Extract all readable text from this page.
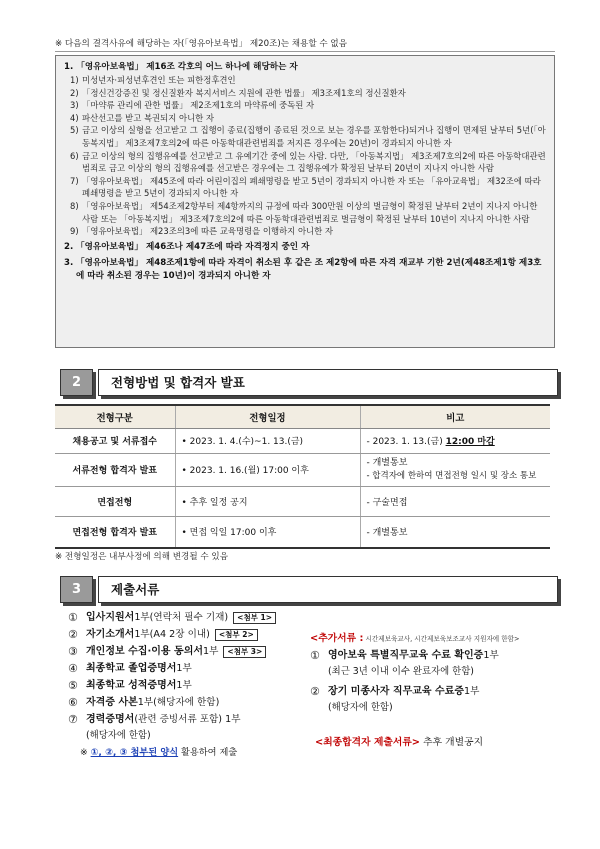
※ 다음의 결격사유에 해당하는 자(「영유아보육법」 제20조)는 채용할 수 없음
1. 「영유아보육법」 제16조 각호의 어느 하나에 해당하는 자
1) 미성년자·피성년후견인 또는 피한정후견인
2) 「정신건강증진 및 정신질환자 복지서비스 지원에 관한 법률」 제3조제1호의 정신질환자
3) 「마약류 관리에 관한 법률」 제2조제1호의 마약류에 중독된 자
4) 파산선고를 받고 복권되지 아니한 자
5) 금고 이상의 실형을 선고받고 그 집행이 종료(집행이 종료된 것으로 보는 경우를 포함한다)되거나 집행이 면제된 날부터 5년(「아동복지법」 제3조제7호의2에 따른 아동학대관련범죄를 저지른 경우에는 20년)이 경과되지 아니한 자
6) 금고 이상의 형의 집행유예를 선고받고 그 유예기간 중에 있는 사람. 다만, 「아동복지법」 제3조제7호의2에 따른 아동학대관련범죄로 금고 이상의 형의 집행유예를 선고받은 경우에는 그 집행유예가 확정된 날부터 20년이 지나지 아니한 사람
7) 「영유아보육법」 제45조에 따라 어린이집의 폐쇄명령을 받고 5년이 경과되지 아니한 자 또는 「유아교육법」 제32조에 따라 폐쇄명령을 받고 5년이 경과되지 아니한 자
8) 「영유아보육법」 제54조제2항부터 제4항까지의 규정에 따라 300만원 이상의 벌금형이 확정된 날부터 2년이 지나지 아니한 사람 또는 「아동복지법」 제3조제7호의2에 따른 아동학대관련범죄로 벌금형이 확정된 날부터 10년이 지나지 아니한 사람
9) 「영유아보육법」 제23조의3에 따른 교육명령을 이행하지 아니한 자
2. 「영유아보육법」 제46조나 제47조에 따라 자격정지 중인 자
3. 「영유아보육법」 제48조제1항에 따라 자격이 취소된 후 같은 조 제2항에 따른 자격 재교부 기한 2년(제48조제1항 제3호에 따라 취소된 경우는 10년)이 경과되지 아니한 자
2	전형방법 및 합격자 발표
전형구분	전형일정	비고
채용공고 및 서류접수	• 2023. 1. 4.(수)~1. 13.(금)	- 2023. 1. 13.(금) 12:00 마감
서류전형 합격자 발표	• 2023. 1. 16.(월) 17:00 이후	- 개별통보
- 합격자에 한하여 면접전형 일시 및 장소 통보

면접전형	• 추후 일정 공지	- 구술면접
면접전형 합격자 발표	• 면접 익일 17:00 이후	- 개별통보
※ 전형일정은 내부사정에 의해 변경될 수 있음
3	제출서류
① 입사지원서 1부(연락처 필수 기재)	<첨부 1>
② 자기소개서 1부(A4 2장 이내)	<첨부 2>
③ 개인정보 수집·이용 동의서 1부	<첨부 3>
④ 최종학교 졸업증명서 1부
⑤ 최종학교 성적증명서 1부
⑥ 자격증 사본 1부(해당자에 한함)
⑦ 경력증명서 (관련 증빙서류 포함) 1부
(해당자에 한함)
※ ①, ②, ③ 첨부된 양식 활용하여 제출
<추가서류 : 시간제보육교사, 시간제보육보조교사 지원자에 한함>
① 영아보육 특별직무교육 수료 확인증 1부
(최근 3년 이내 이수 완료자에 한함)
② 장기 미종사자 직무교육 수료증 1부
(해당자에 한함)
<최종합격자 제출서류> 추후 개별공지
